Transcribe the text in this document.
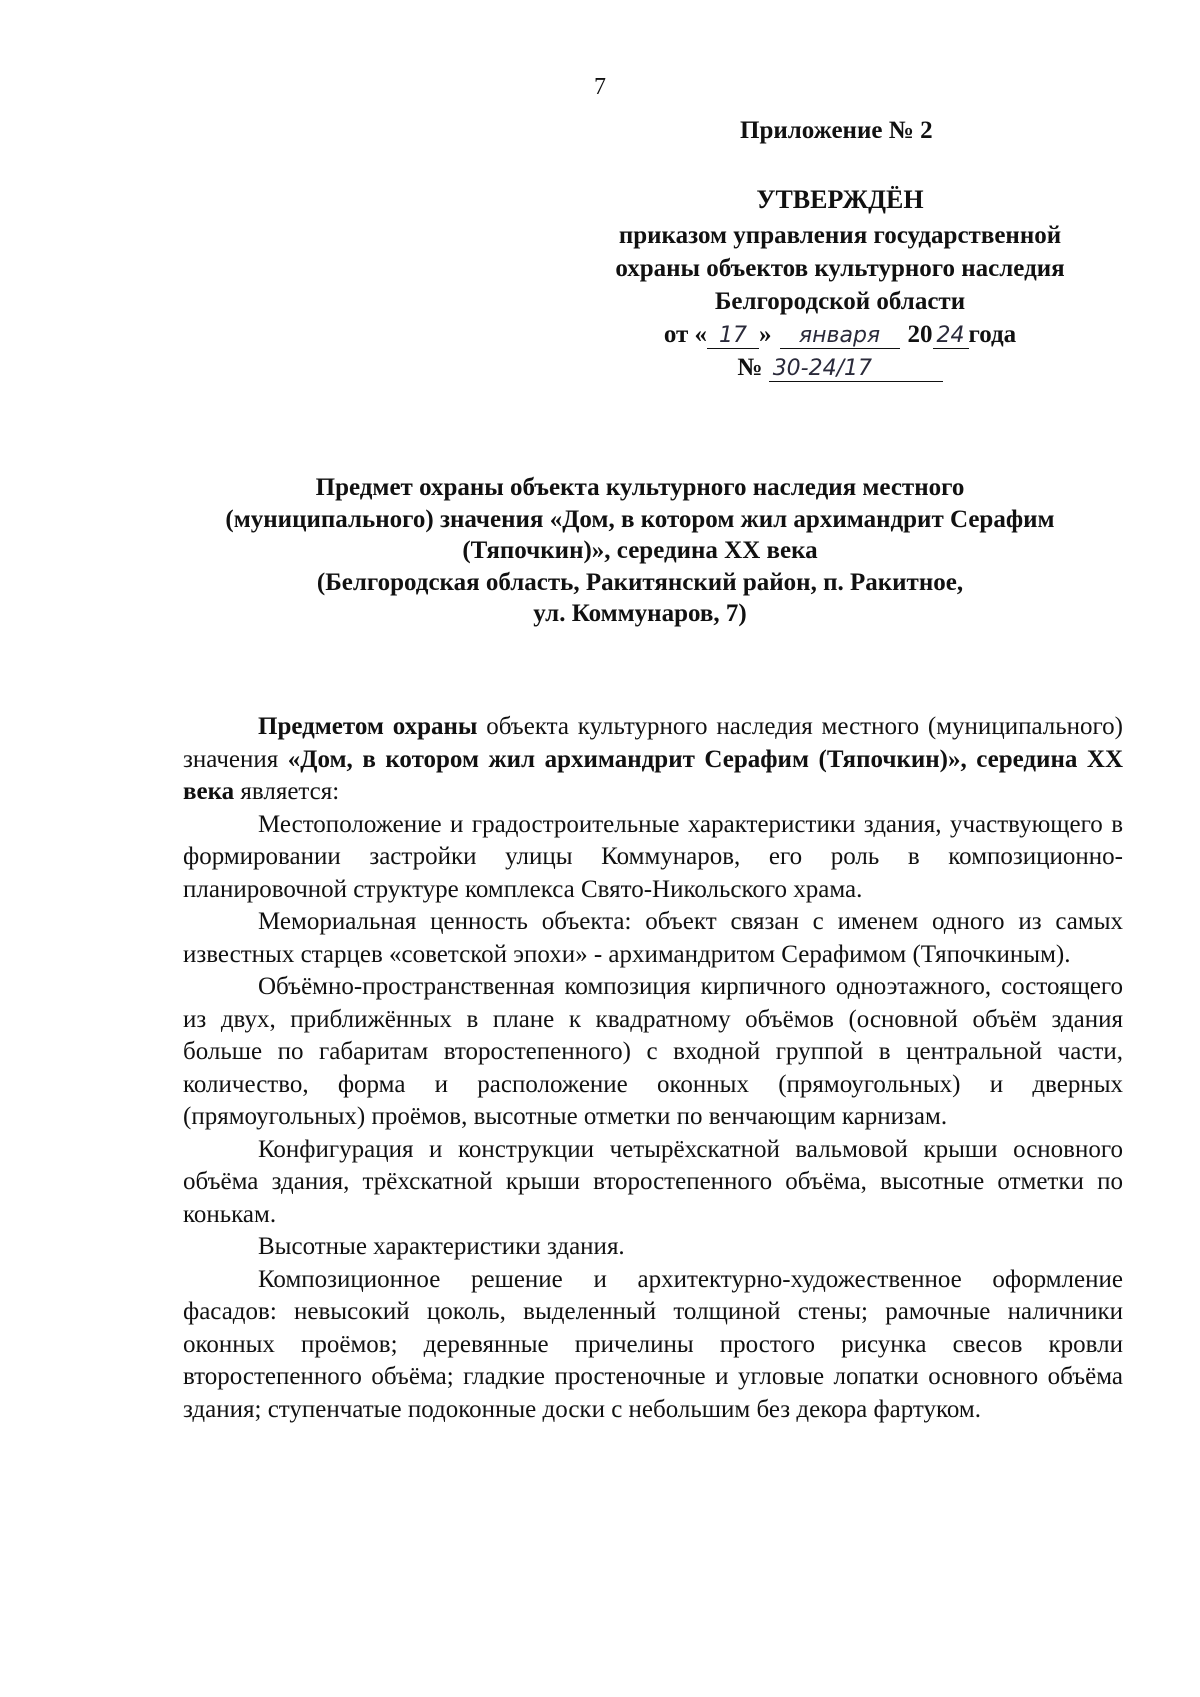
7
Приложение № 2
УТВЕРЖДЁН
приказом управления государственной
охраны объектов культурного наследия
Белгородской области
от « 17 » января 20 24 года
№ 30-24/17
Предмет охраны объекта культурного наследия местного
(муниципального) значения «Дом, в котором жил архимандрит Серафим
(Тяпочкин)», середина XX века
(Белгородская область, Ракитянский район, п. Ракитное,
ул. Коммунаров, 7)

Предметом охраны объекта культурного наследия местного (муниципального) значения «Дом, в котором жил архимандрит Серафим (Тяпочкин)», середина XX века является:

Местоположение и градостроительные характеристики здания, участвующего в формировании застройки улицы Коммунаров, его роль в композиционно-планировочной структуре комплекса Свято-Никольского храма.

Мемориальная ценность объекта: объект связан с именем одного из самых известных старцев «советской эпохи» - архимандритом Серафимом (Тяпочкиным).

Объёмно-пространственная композиция кирпичного одноэтажного, состоящего из двух, приближённых в плане к квадратному объёмов (основной объём здания больше по габаритам второстепенного) с входной группой в центральной части, количество, форма и расположение оконных (прямоугольных) и дверных (прямоугольных) проёмов, высотные отметки по венчающим карнизам.

Конфигурация и конструкции четырёхскатной вальмовой крыши основного объёма здания, трёхскатной крыши второстепенного объёма, высотные отметки по конькам.

Высотные характеристики здания.

Композиционное решение и архитектурно-художественное оформление фасадов: невысокий цоколь, выделенный толщиной стены; рамочные наличники оконных проёмов; деревянные причелины простого рисунка свесов кровли второстепенного объёма; гладкие простеночные и угловые лопатки основного объёма здания; ступенчатые подоконные доски с небольшим без декора фартуком.
